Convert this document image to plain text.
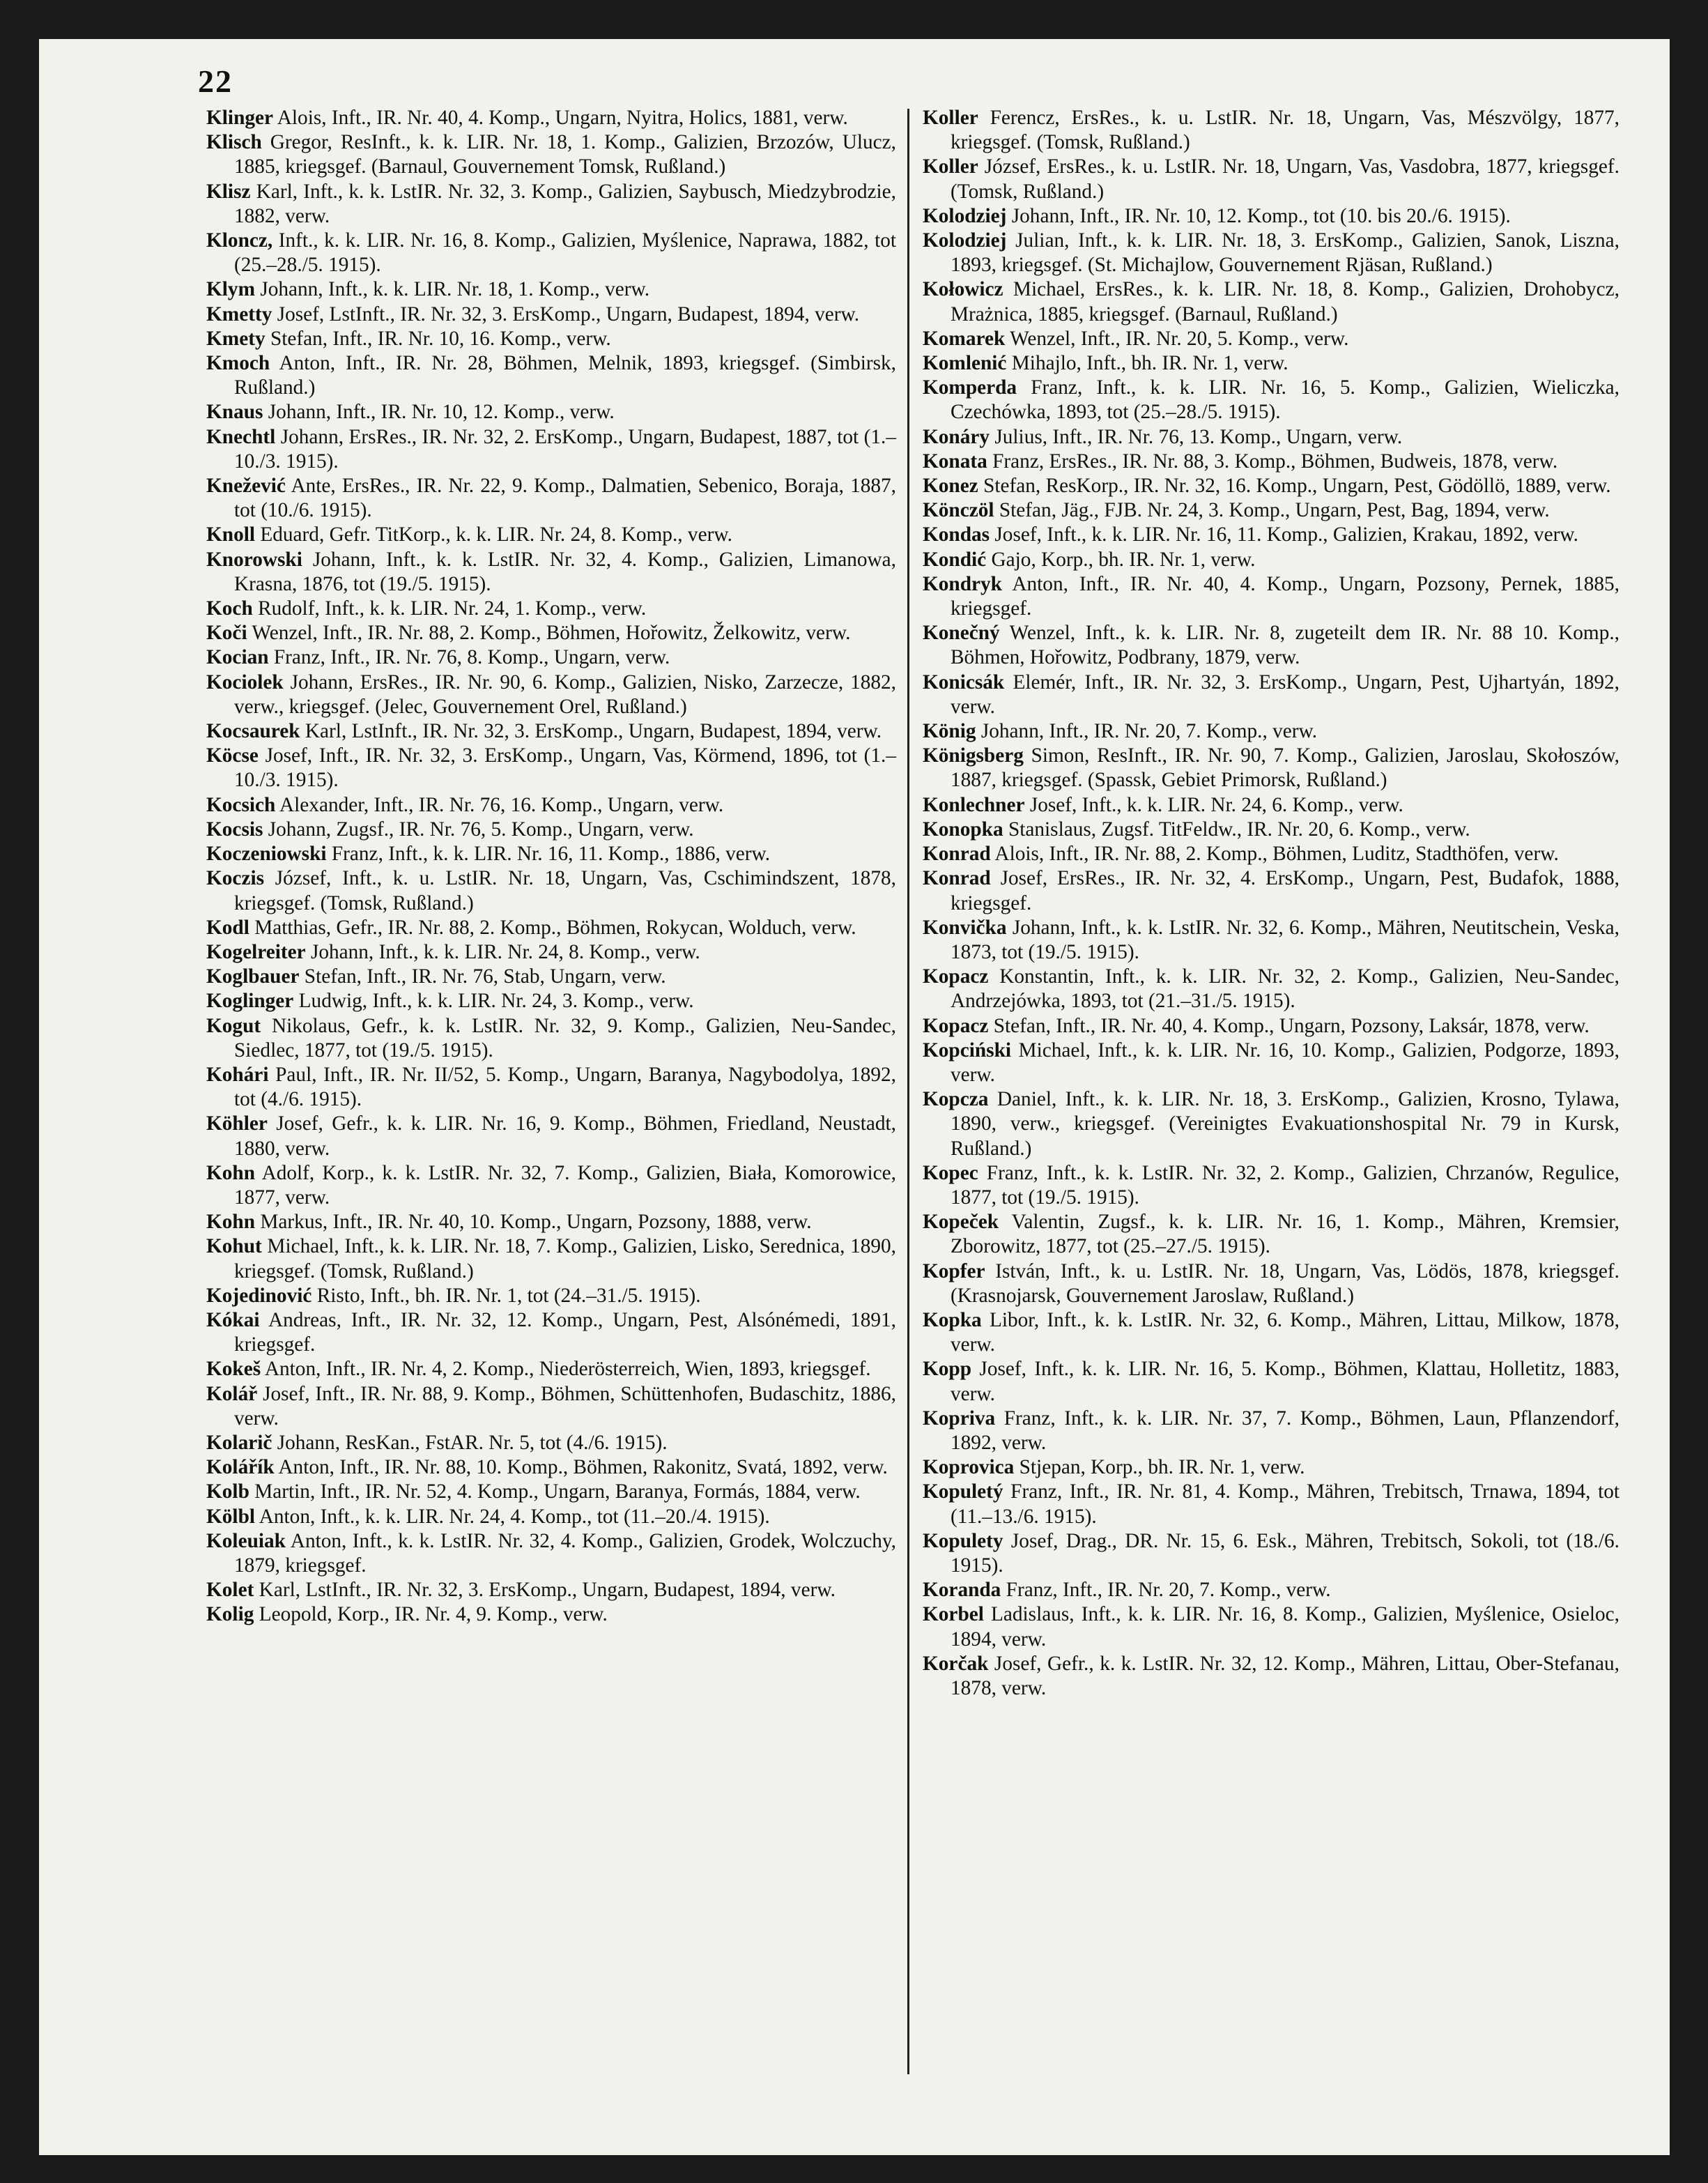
22

Klinger Alois, Inft., IR. Nr. 40, 4. Komp., Ungarn, Nyitra, Holics, 1881, verw.

Klisch Gregor, ResInft., k. k. LIR. Nr. 18, 1. Komp., Galizien, Brzozów, Ulucz, 1885, kriegsgef. (Barnaul, Gouvernement Tomsk, Rußland.)

Klisz Karl, Inft., k. k. LstIR. Nr. 32, 3. Komp., Galizien, Saybusch, Miedzybrodzie, 1882, verw.

Kloncz, Inft., k. k. LIR. Nr. 16, 8. Komp., Galizien, Myślenice, Naprawa, 1882, tot (25.–28./5. 1915).

Klym Johann, Inft., k. k. LIR. Nr. 18, 1. Komp., verw.

Kmetty Josef, LstInft., IR. Nr. 32, 3. ErsKomp., Ungarn, Budapest, 1894, verw.

Kmety Stefan, Inft., IR. Nr. 10, 16. Komp., verw.

Kmoch Anton, Inft., IR. Nr. 28, Böhmen, Melnik, 1893, kriegsgef. (Simbirsk, Rußland.)

Knaus Johann, Inft., IR. Nr. 10, 12. Komp., verw.

Knechtl Johann, ErsRes., IR. Nr. 32, 2. ErsKomp., Ungarn, Budapest, 1887, tot (1.–10./3. 1915).

Knežević Ante, ErsRes., IR. Nr. 22, 9. Komp., Dalmatien, Sebenico, Boraja, 1887, tot (10./6. 1915).

Knoll Eduard, Gefr. TitKorp., k. k. LIR. Nr. 24, 8. Komp., verw.

Knorowski Johann, Inft., k. k. LstIR. Nr. 32, 4. Komp., Galizien, Limanowa, Krasna, 1876, tot (19./5. 1915).

Koch Rudolf, Inft., k. k. LIR. Nr. 24, 1. Komp., verw.

Koči Wenzel, Inft., IR. Nr. 88, 2. Komp., Böhmen, Hořowitz, Želkowitz, verw.

Kocian Franz, Inft., IR. Nr. 76, 8. Komp., Ungarn, verw.

Kociolek Johann, ErsRes., IR. Nr. 90, 6. Komp., Galizien, Nisko, Zarzecze, 1882, verw., kriegsgef. (Jelec, Gouvernement Orel, Rußland.)

Kocsaurek Karl, LstInft., IR. Nr. 32, 3. ErsKomp., Ungarn, Budapest, 1894, verw.

Köcse Josef, Inft., IR. Nr. 32, 3. ErsKomp., Ungarn, Vas, Körmend, 1896, tot (1.–10./3. 1915).

Kocsich Alexander, Inft., IR. Nr. 76, 16. Komp., Ungarn, verw.

Kocsis Johann, Zugsf., IR. Nr. 76, 5. Komp., Ungarn, verw.

Koczeniowski Franz, Inft., k. k. LIR. Nr. 16, 11. Komp., 1886, verw.

Koczis József, Inft., k. u. LstIR. Nr. 18, Ungarn, Vas, Cschimindszent, 1878, kriegsgef. (Tomsk, Rußland.)

Kodl Matthias, Gefr., IR. Nr. 88, 2. Komp., Böhmen, Rokycan, Wolduch, verw.

Kogelreiter Johann, Inft., k. k. LIR. Nr. 24, 8. Komp., verw.

Koglbauer Stefan, Inft., IR. Nr. 76, Stab, Ungarn, verw.

Koglinger Ludwig, Inft., k. k. LIR. Nr. 24, 3. Komp., verw.

Kogut Nikolaus, Gefr., k. k. LstIR. Nr. 32, 9. Komp., Galizien, Neu-Sandec, Siedlec, 1877, tot (19./5. 1915).

Kohári Paul, Inft., IR. Nr. II/52, 5. Komp., Ungarn, Baranya, Nagybodolya, 1892, tot (4./6. 1915).

Köhler Josef, Gefr., k. k. LIR. Nr. 16, 9. Komp., Böhmen, Friedland, Neustadt, 1880, verw.

Kohn Adolf, Korp., k. k. LstIR. Nr. 32, 7. Komp., Galizien, Biała, Komorowice, 1877, verw.

Kohn Markus, Inft., IR. Nr. 40, 10. Komp., Ungarn, Pozsony, 1888, verw.

Kohut Michael, Inft., k. k. LIR. Nr. 18, 7. Komp., Galizien, Lisko, Serednica, 1890, kriegsgef. (Tomsk, Rußland.)

Kojedinović Risto, Inft., bh. IR. Nr. 1, tot (24.–31./5. 1915).

Kókai Andreas, Inft., IR. Nr. 32, 12. Komp., Ungarn, Pest, Alsónémedi, 1891, kriegsgef.

Kokeš Anton, Inft., IR. Nr. 4, 2. Komp., Niederösterreich, Wien, 1893, kriegsgef.

Kolář Josef, Inft., IR. Nr. 88, 9. Komp., Böhmen, Schüttenhofen, Budaschitz, 1886, verw.

Kolarič Johann, ResKan., FstAR. Nr. 5, tot (4./6. 1915).

Kolářík Anton, Inft., IR. Nr. 88, 10. Komp., Böhmen, Rakonitz, Svatá, 1892, verw.

Kolb Martin, Inft., IR. Nr. 52, 4. Komp., Ungarn, Baranya, Formás, 1884, verw.

Kölbl Anton, Inft., k. k. LIR. Nr. 24, 4. Komp., tot (11.–20./4. 1915).

Koleuiak Anton, Inft., k. k. LstIR. Nr. 32, 4. Komp., Galizien, Grodek, Wolczuchy, 1879, kriegsgef.

Kolet Karl, LstInft., IR. Nr. 32, 3. ErsKomp., Ungarn, Budapest, 1894, verw.

Kolig Leopold, Korp., IR. Nr. 4, 9. Komp., verw.

Koller Ferencz, ErsRes., k. u. LstIR. Nr. 18, Ungarn, Vas, Mészvölgy, 1877, kriegsgef. (Tomsk, Rußland.)

Koller József, ErsRes., k. u. LstIR. Nr. 18, Ungarn, Vas, Vasdobra, 1877, kriegsgef. (Tomsk, Rußland.)

Kolodziej Johann, Inft., IR. Nr. 10, 12. Komp., tot (10. bis 20./6. 1915).

Kolodziej Julian, Inft., k. k. LIR. Nr. 18, 3. ErsKomp., Galizien, Sanok, Liszna, 1893, kriegsgef. (St. Michajlow, Gouvernement Rjäsan, Rußland.)

Kołowicz Michael, ErsRes., k. k. LIR. Nr. 18, 8. Komp., Galizien, Drohobycz, Mrażnica, 1885, kriegsgef. (Barnaul, Rußland.)

Komarek Wenzel, Inft., IR. Nr. 20, 5. Komp., verw.

Komlenić Mihajlo, Inft., bh. IR. Nr. 1, verw.

Komperda Franz, Inft., k. k. LIR. Nr. 16, 5. Komp., Galizien, Wieliczka, Czechówka, 1893, tot (25.–28./5. 1915).

Konáry Julius, Inft., IR. Nr. 76, 13. Komp., Ungarn, verw.

Konata Franz, ErsRes., IR. Nr. 88, 3. Komp., Böhmen, Budweis, 1878, verw.

Konez Stefan, ResKorp., IR. Nr. 32, 16. Komp., Ungarn, Pest, Gödöllö, 1889, verw.

Könczöl Stefan, Jäg., FJB. Nr. 24, 3. Komp., Ungarn, Pest, Bag, 1894, verw.

Kondas Josef, Inft., k. k. LIR. Nr. 16, 11. Komp., Galizien, Krakau, 1892, verw.

Kondić Gajo, Korp., bh. IR. Nr. 1, verw.

Kondryk Anton, Inft., IR. Nr. 40, 4. Komp., Ungarn, Pozsony, Pernek, 1885, kriegsgef.

Konečný Wenzel, Inft., k. k. LIR. Nr. 8, zugeteilt dem IR. Nr. 88 10. Komp., Böhmen, Hořowitz, Podbrany, 1879, verw.

Konicsák Elemér, Inft., IR. Nr. 32, 3. ErsKomp., Ungarn, Pest, Ujhartyán, 1892, verw.

König Johann, Inft., IR. Nr. 20, 7. Komp., verw.

Königsberg Simon, ResInft., IR. Nr. 90, 7. Komp., Galizien, Jaroslau, Skołoszów, 1887, kriegsgef. (Spassk, Gebiet Primorsk, Rußland.)

Konlechner Josef, Inft., k. k. LIR. Nr. 24, 6. Komp., verw.

Konopka Stanislaus, Zugsf. TitFeldw., IR. Nr. 20, 6. Komp., verw.

Konrad Alois, Inft., IR. Nr. 88, 2. Komp., Böhmen, Luditz, Stadthöfen, verw.

Konrad Josef, ErsRes., IR. Nr. 32, 4. ErsKomp., Ungarn, Pest, Budafok, 1888, kriegsgef.

Konvička Johann, Inft., k. k. LstIR. Nr. 32, 6. Komp., Mähren, Neutitschein, Veska, 1873, tot (19./5. 1915).

Kopacz Konstantin, Inft., k. k. LIR. Nr. 32, 2. Komp., Galizien, Neu-Sandec, Andrzejówka, 1893, tot (21.–31./5. 1915).

Kopacz Stefan, Inft., IR. Nr. 40, 4. Komp., Ungarn, Pozsony, Laksár, 1878, verw.

Kopciński Michael, Inft., k. k. LIR. Nr. 16, 10. Komp., Galizien, Podgorze, 1893, verw.

Kopcza Daniel, Inft., k. k. LIR. Nr. 18, 3. ErsKomp., Galizien, Krosno, Tylawa, 1890, verw., kriegsgef. (Vereinigtes Evakuationshospital Nr. 79 in Kursk, Rußland.)

Kopec Franz, Inft., k. k. LstIR. Nr. 32, 2. Komp., Galizien, Chrzanów, Regulice, 1877, tot (19./5. 1915).

Kopeček Valentin, Zugsf., k. k. LIR. Nr. 16, 1. Komp., Mähren, Kremsier, Zborowitz, 1877, tot (25.–27./5. 1915).

Kopfer István, Inft., k. u. LstIR. Nr. 18, Ungarn, Vas, Lödös, 1878, kriegsgef. (Krasnojarsk, Gouvernement Jaroslaw, Rußland.)

Kopka Libor, Inft., k. k. LstIR. Nr. 32, 6. Komp., Mähren, Littau, Milkow, 1878, verw.

Kopp Josef, Inft., k. k. LIR. Nr. 16, 5. Komp., Böhmen, Klattau, Holletitz, 1883, verw.

Kopriva Franz, Inft., k. k. LIR. Nr. 37, 7. Komp., Böhmen, Laun, Pflanzendorf, 1892, verw.

Koprovica Stjepan, Korp., bh. IR. Nr. 1, verw.

Kopuletý Franz, Inft., IR. Nr. 81, 4. Komp., Mähren, Trebitsch, Trnawa, 1894, tot (11.–13./6. 1915).

Kopulety Josef, Drag., DR. Nr. 15, 6. Esk., Mähren, Trebitsch, Sokoli, tot (18./6. 1915).

Koranda Franz, Inft., IR. Nr. 20, 7. Komp., verw.

Korbel Ladislaus, Inft., k. k. LIR. Nr. 16, 8. Komp., Galizien, Myślenice, Osieloc, 1894, verw.

Korčak Josef, Gefr., k. k. LstIR. Nr. 32, 12. Komp., Mähren, Littau, Ober-Stefanau, 1878, verw.
